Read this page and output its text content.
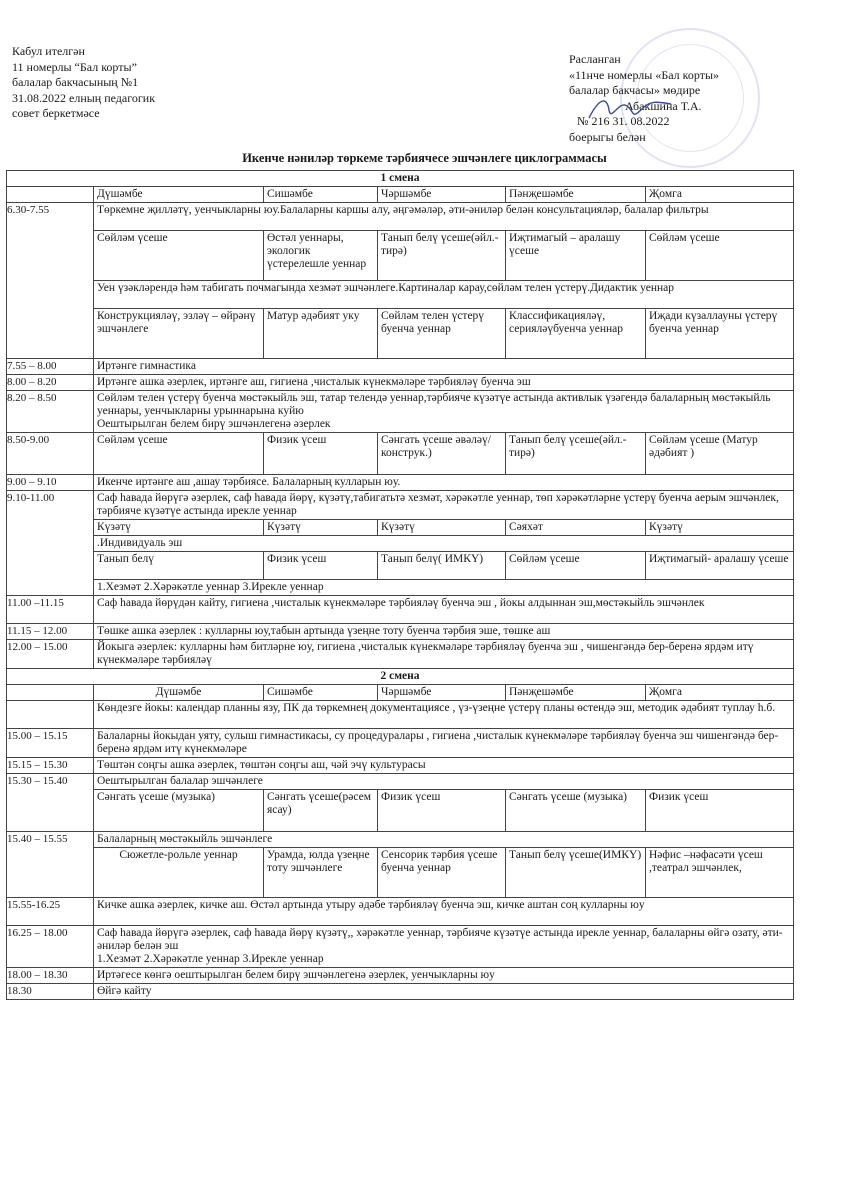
Кабул ителгән
11 номерлы “Бал корты”
балалар бакчасының №1
31.08.2022 елның педагогик
совет беркетмәсе
Расланган
«11нче номерлы «Бал корты»
балалар бакчасы» мөдире
Абакшина Т.А.
№ 216 31. 08.2022
боерыгы белән
Икенче нәниләр төркеме тәрбиячесе эшчәнлеге циклограммасы
1 смена					
	Дүшәмбе	Сишәмбе	Чәршәмбе	Пәнҗешәмбе	Җомга
6.30-7.55	Төркемне җилләтү, уенчыкларны юу.Балаларны каршы алу, әңгәмәләр, әти-әниләр белән консультацияләр, балалар фильтры				
	Сөйләм үсеше	Өстәл уеннары, экологик үстерелешле уеннар	Танып белү үсеше(әйл.-тирә)	Иҗтимагый – аралашу үсеше	Сөйләм үсеше
	Уен үзәкләрендә һәм табигать почмагында хезмәт эшчәнлеге.Картиналар карау,сөйләм телен үстерү.Дидактик уеннар				
	Конструкцияләү, эзләү – өйрәнү эшчәнлеге	Матур әдәбият уку	Сөйләм телен үстерү буенча уеннар	Классификацияләү, серияләүбуенча уеннар	Иҗади күзаллауны үстерү буенча уеннар
7.55 – 8.00	Иртәнге гимнастика				
8.00 – 8.20	Иртәнге ашка әзерлек, иртәнге аш, гигиена ,чисталык күнекмәләре тәрбияләү буенча эш				
8.20 – 8.50	Сөйләм телен үстерү буенча мөстәкыйль эш, татар телендә уеннар,тәрбияче күзәтүе астында активлык үзәгендә балаларның мөстәкыйль уеннары, уенчыкларны урыннарына куйю
Оештырылган белем бирү эшчәнлегенә әзерлек				

8.50-9.00	Сөйләм үсеше	Физик үсеш	Сәнгать үсеше әвәләү/ конструк.)	Танып белү үсеше(әйл.-тирә)	Сөйләм үсеше (Матур әдәбият )
9.00 – 9.10	Икенче иртәнге аш ,ашау тәрбиясе. Балаларның кулларын юу.				
9.10-11.00	Саф һавада йөрүгә әзерлек, саф һавада йөрү, күзәтү,табигатьтә хезмәт, хәрәкәтле уеннар, төп хәрәкәтләрне үстерү буенча аерым эшчәнлек, тәрбияче күзәтүе астында ирекле уеннар				
	Күзәтү	Күзәтү	Күзәтү	Сәяхәт	Күзәтү
	.Индивидуаль эш				
	Танып белү	Физик үсеш	Танып белү( ИМКҮ)	Сөйләм үсеше	Иҗтимагый- аралашу үсеше
	1.Хезмәт 2.Хәрәкәтле уеннар 3.Ирекле уеннар				
11.00 –11.15	Саф һавада йөрүдән кайту, гигиена ,чисталык күнекмәләре тәрбияләү буенча эш , йокы алдыннан эш,мөстәкыйль эшчәнлек				
11.15 – 12.00	Төшке ашка әзерлек : кулларны юу,табын артында үзеңне тоту буенча тәрбия эше, төшке аш				
12.00 – 15.00	Йокыга әзерлек: кулларны һәм битләрне юу, гигиена ,чисталык күнекмәләре тәрбияләү буенча эш , чишенгәндә бер-беренә ярдәм итү күнекмәләре тәрбияләү				
2 смена					
	Дүшәмбе	Сишәмбе	Чәршәмбе	Пәнҗешәмбе	Җомга
	Көндезге йокы: календар планны язу, ПК да төркемнең документациясе , үз-үзеңне үстерү планы өстендә эш, методик әдәбият туплау һ.б.				
15.00 – 15.15	Балаларны йокыдан уяту, сулыш гимнастикасы, су процедуралары , гигиена ,чисталык күнекмәләре тәрбияләү буенча эш чишенгәндә бер-беренә ярдәм итү күнекмәләре				
15.15 – 15.30	Төштән соңгы ашка әзерлек, төштән соңгы аш, чәй эчү культурасы				
15.30 – 15.40	Оештырылган балалар эшчәнлеге				
	Сәнгать үсеше (музыка)	Сәнгать үсеше(рәсем ясау)	Физик үсеш	Сәнгать үсеше (музыка)	Физик үсеш
15.40 – 15.55	Балаларның мөстәкыйль эшчәнлеге				
	Сюжетле-рольле уеннар	Урамда, юлда үзеңне тоту эшчәнлеге	Сенсорик тәрбия үсеше буенча уеннар	Танып белү үсеше(ИМКҮ)	Нәфис –нәфасәти үсеш ,театрал эшчәнлек,
15.55-16.25	Кичке ашка әзерлек, кичке аш. Өстәл артында утыру әдәбе тәрбияләү буенча эш, кичке аштан соң кулларны юу				
16.25 – 18.00	Саф һавада йөрүгә әзерлек, саф һавада йөрү күзәтү,, хәрәкәтле уеннар, тәрбияче күзәтүе астында ирекле уеннар, балаларны өйгә озату, әти-әниләр белән эш
1.Хезмәт 2.Хәрәкәтле уеннар 3.Ирекле уеннар				

18.00 – 18.30	Иртәгесе көнгә оештырылган белем бирү эшчәнлегенә әзерлек, уенчыкларны юу				
18.30	Өйгә кайту				
